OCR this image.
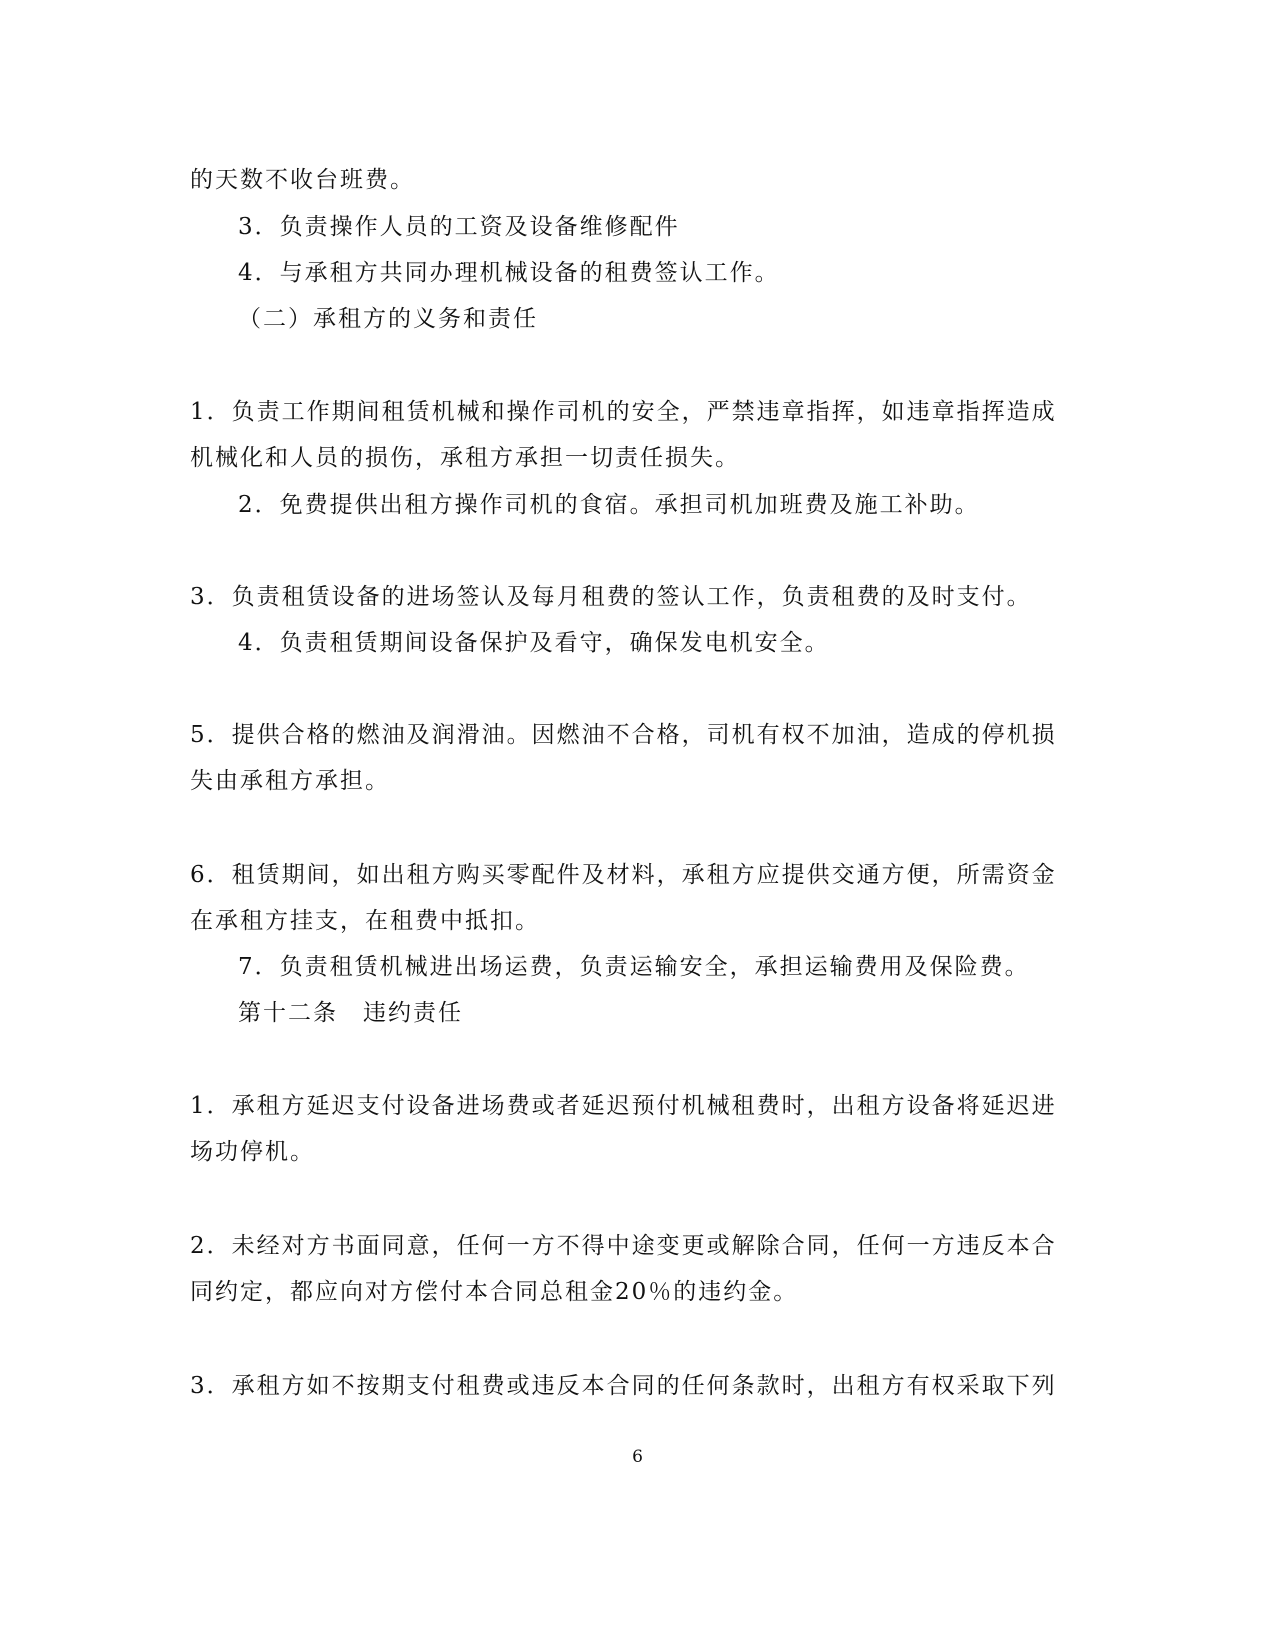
的天数不收台班费。
3．负责操作人员的工资及设备维修配件
4．与承租方共同办理机械设备的租费签认工作。
（二）承租方的义务和责任
1．负责工作期间租赁机械和操作司机的安全，严禁违章指挥，如违章指挥造成
机械化和人员的损伤，承租方承担一切责任损失。
2．免费提供出租方操作司机的食宿。承担司机加班费及施工补助。
3．负责租赁设备的进场签认及每月租费的签认工作，负责租费的及时支付。
4．负责租赁期间设备保护及看守，确保发电机安全。
5．提供合格的燃油及润滑油。因燃油不合格，司机有权不加油，造成的停机损
失由承租方承担。
6．租赁期间，如出租方购买零配件及材料，承租方应提供交通方便，所需资金
在承租方挂支，在租费中抵扣。
7．负责租赁机械进出场运费，负责运输安全，承担运输费用及保险费。
第十二条　违约责任
1．承租方延迟支付设备进场费或者延迟预付机械租费时，出租方设备将延迟进
场功停机。
2．未经对方书面同意，任何一方不得中途变更或解除合同，任何一方违反本合
同约定，都应向对方偿付本合同总租金20％的违约金。
3．承租方如不按期支付租费或违反本合同的任何条款时，出租方有权采取下列
6
